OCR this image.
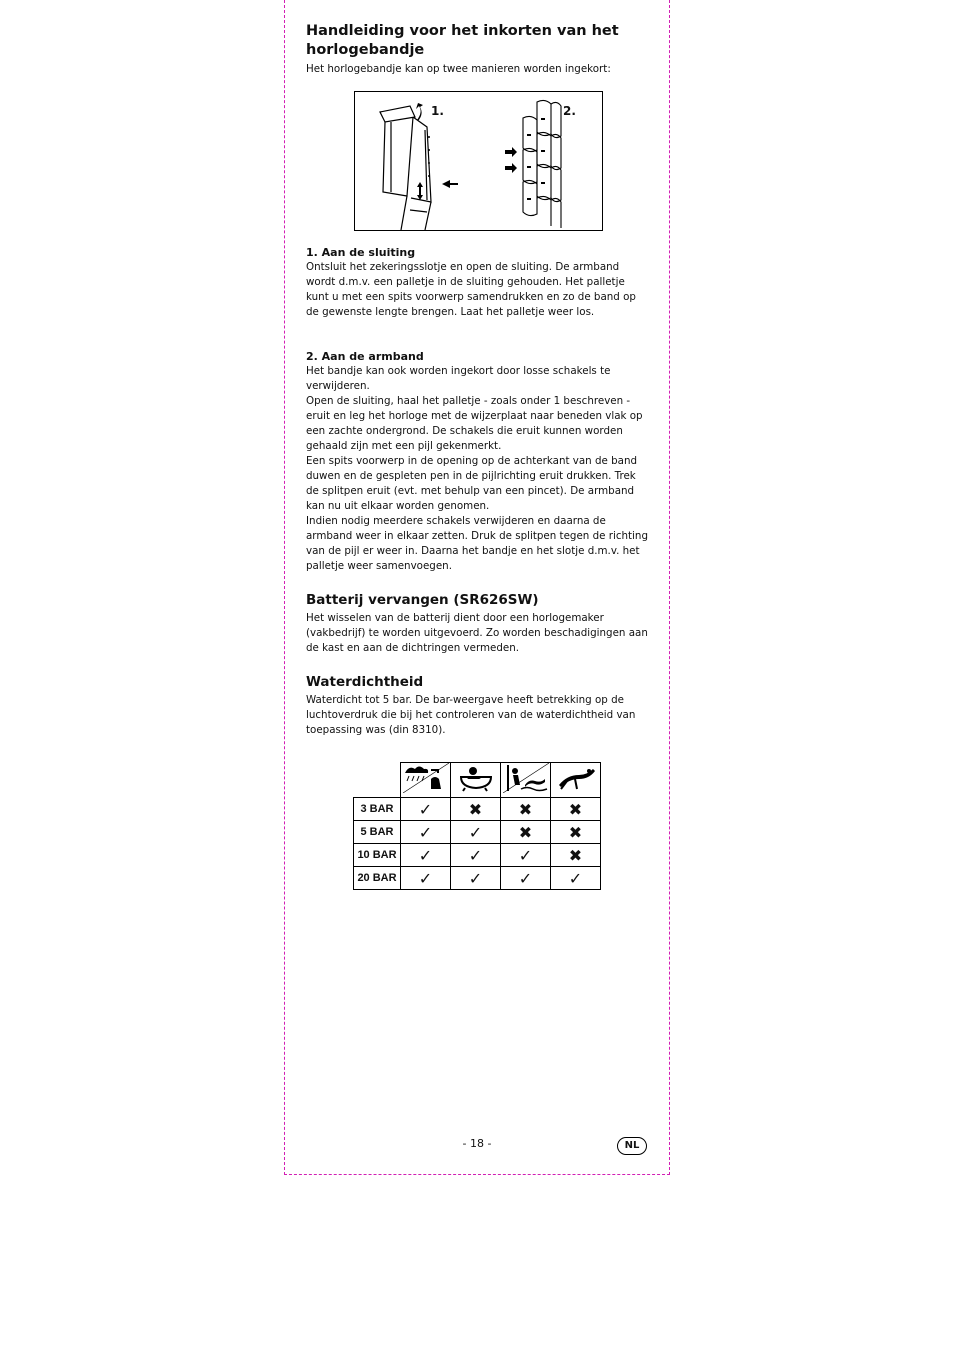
Handleiding voor het inkorten van het horlogebandje

Het horlogebandje kan op twee manieren worden ingekort:

1.	2.
1. Aan de sluiting

Ontsluit het zekeringsslotje en open de sluiting. De armband wordt d.m.v. een palletje in de sluiting gehouden. Het palletje kunt u met een spits voorwerp samendrukken en zo de band op de gewenste lengte brengen. Laat het palletje weer los.

2. Aan de armband

Het bandje kan ook worden ingekort door losse schakels te verwijderen.

Open de sluiting, haal het palletje - zoals onder 1 beschreven - eruit en leg het horloge met de wijzerplaat naar beneden vlak op een zachte ondergrond. De schakels die eruit kunnen worden gehaald zijn met een pijl gekenmerkt.

Een spits voorwerp in de opening op de achterkant van de band duwen en de gespleten pen in de pijlrichting eruit drukken. Trek de splitpen eruit (evt. met behulp van een pincet). De armband kan nu uit elkaar worden genomen.

Indien nodig meerdere schakels verwijderen en daarna de armband weer in elkaar zetten. Druk de splitpen tegen de richting van de pijl er weer in. Daarna het bandje en het slotje d.m.v. het palletje weer samenvoegen.

Batterij vervangen (SR626SW)

Het wisselen van de batterij dient door een horlogemaker (vakbedrijf) te worden uitgevoerd. Zo worden beschadigingen aan de kast en aan de dichtringen vermeden.

Waterdichtheid

Waterdicht tot 5 bar. De bar-weergave heeft betrekking op de luchtoverdruk die bij het controleren van de waterdichtheid van toepassing was (din 8310).

3 BAR	✓	✖	✖	✖
5 BAR	✓	✓	✖	✖
10 BAR	✓	✓	✓	✖
20 BAR	✓	✓	✓	✓
- 18 -	NL
